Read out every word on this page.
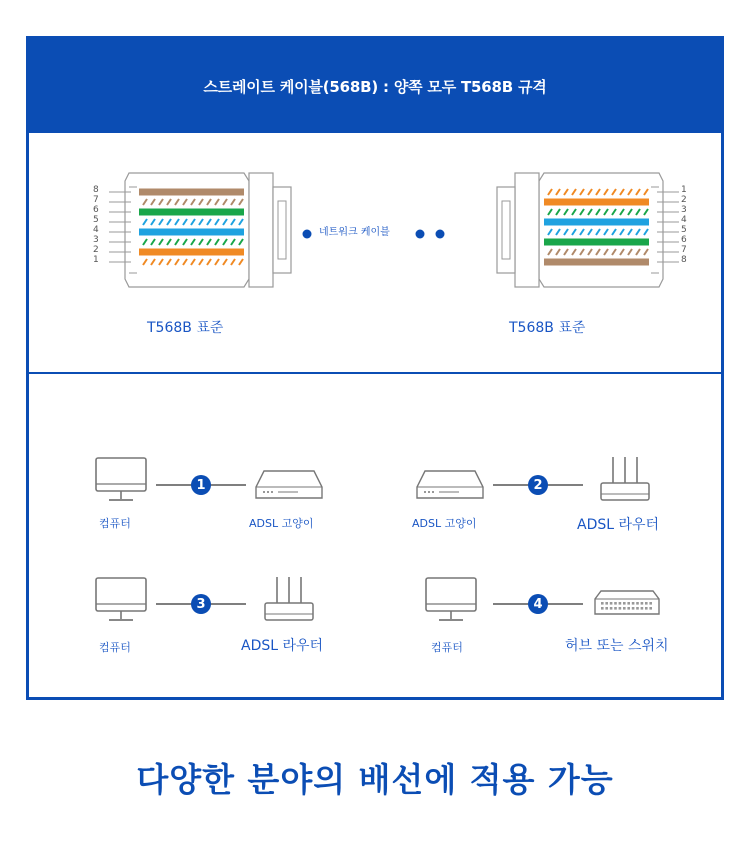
스트레이트 케이블(568B) : 양쪽 모두 T568B 규격
8
7
6
5
4
3
2
1
1
2
3
4
5
6
7
8
네트워크 케이블
T568B 표준	T568B 표준
컴퓨터
1
ADSL 고양이	ADSL 고양이
2
ADSL 라우터
컴퓨터
3
ADSL 라우터	컴퓨터
4
허브 또는 스위치
다양한 분야의 배선에 적용 가능
